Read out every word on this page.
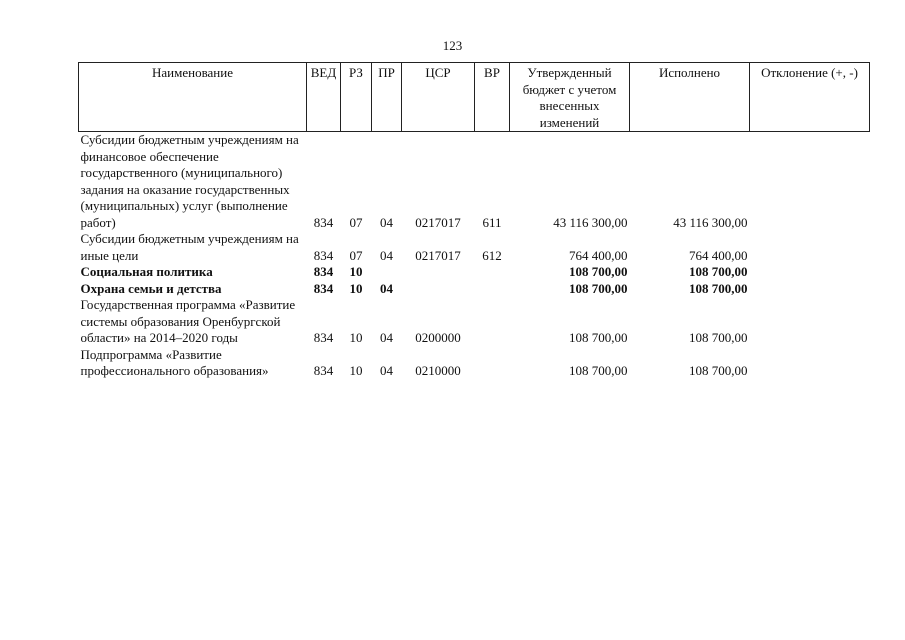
123
Наименование	ВЕД	РЗ	ПР	ЦСР	ВР	Утвержденный бюджет с учетом внесенных изменений	Исполнено	Отклонение (+, -)
Субсидии бюджетным учреждениям на финансовое обеспечение государственного (муниципального) задания на оказание государственных (муниципальных) услуг (выполнение работ)	834	07	04	0217017	611	43 116 300,00	43 116 300,00	
Субсидии бюджетным учреждениям на иные цели	834	07	04	0217017	612	764 400,00	764 400,00	
Социальная политика	834	10				108 700,00	108 700,00	
Охрана семьи и детства	834	10	04			108 700,00	108 700,00	
Государственная программа «Развитие системы образования Оренбургской области» на 2014–2020 годы	834	10	04	0200000		108 700,00	108 700,00	
Подпрограмма «Развитие профессионального образования»	834	10	04	0210000		108 700,00	108 700,00	
